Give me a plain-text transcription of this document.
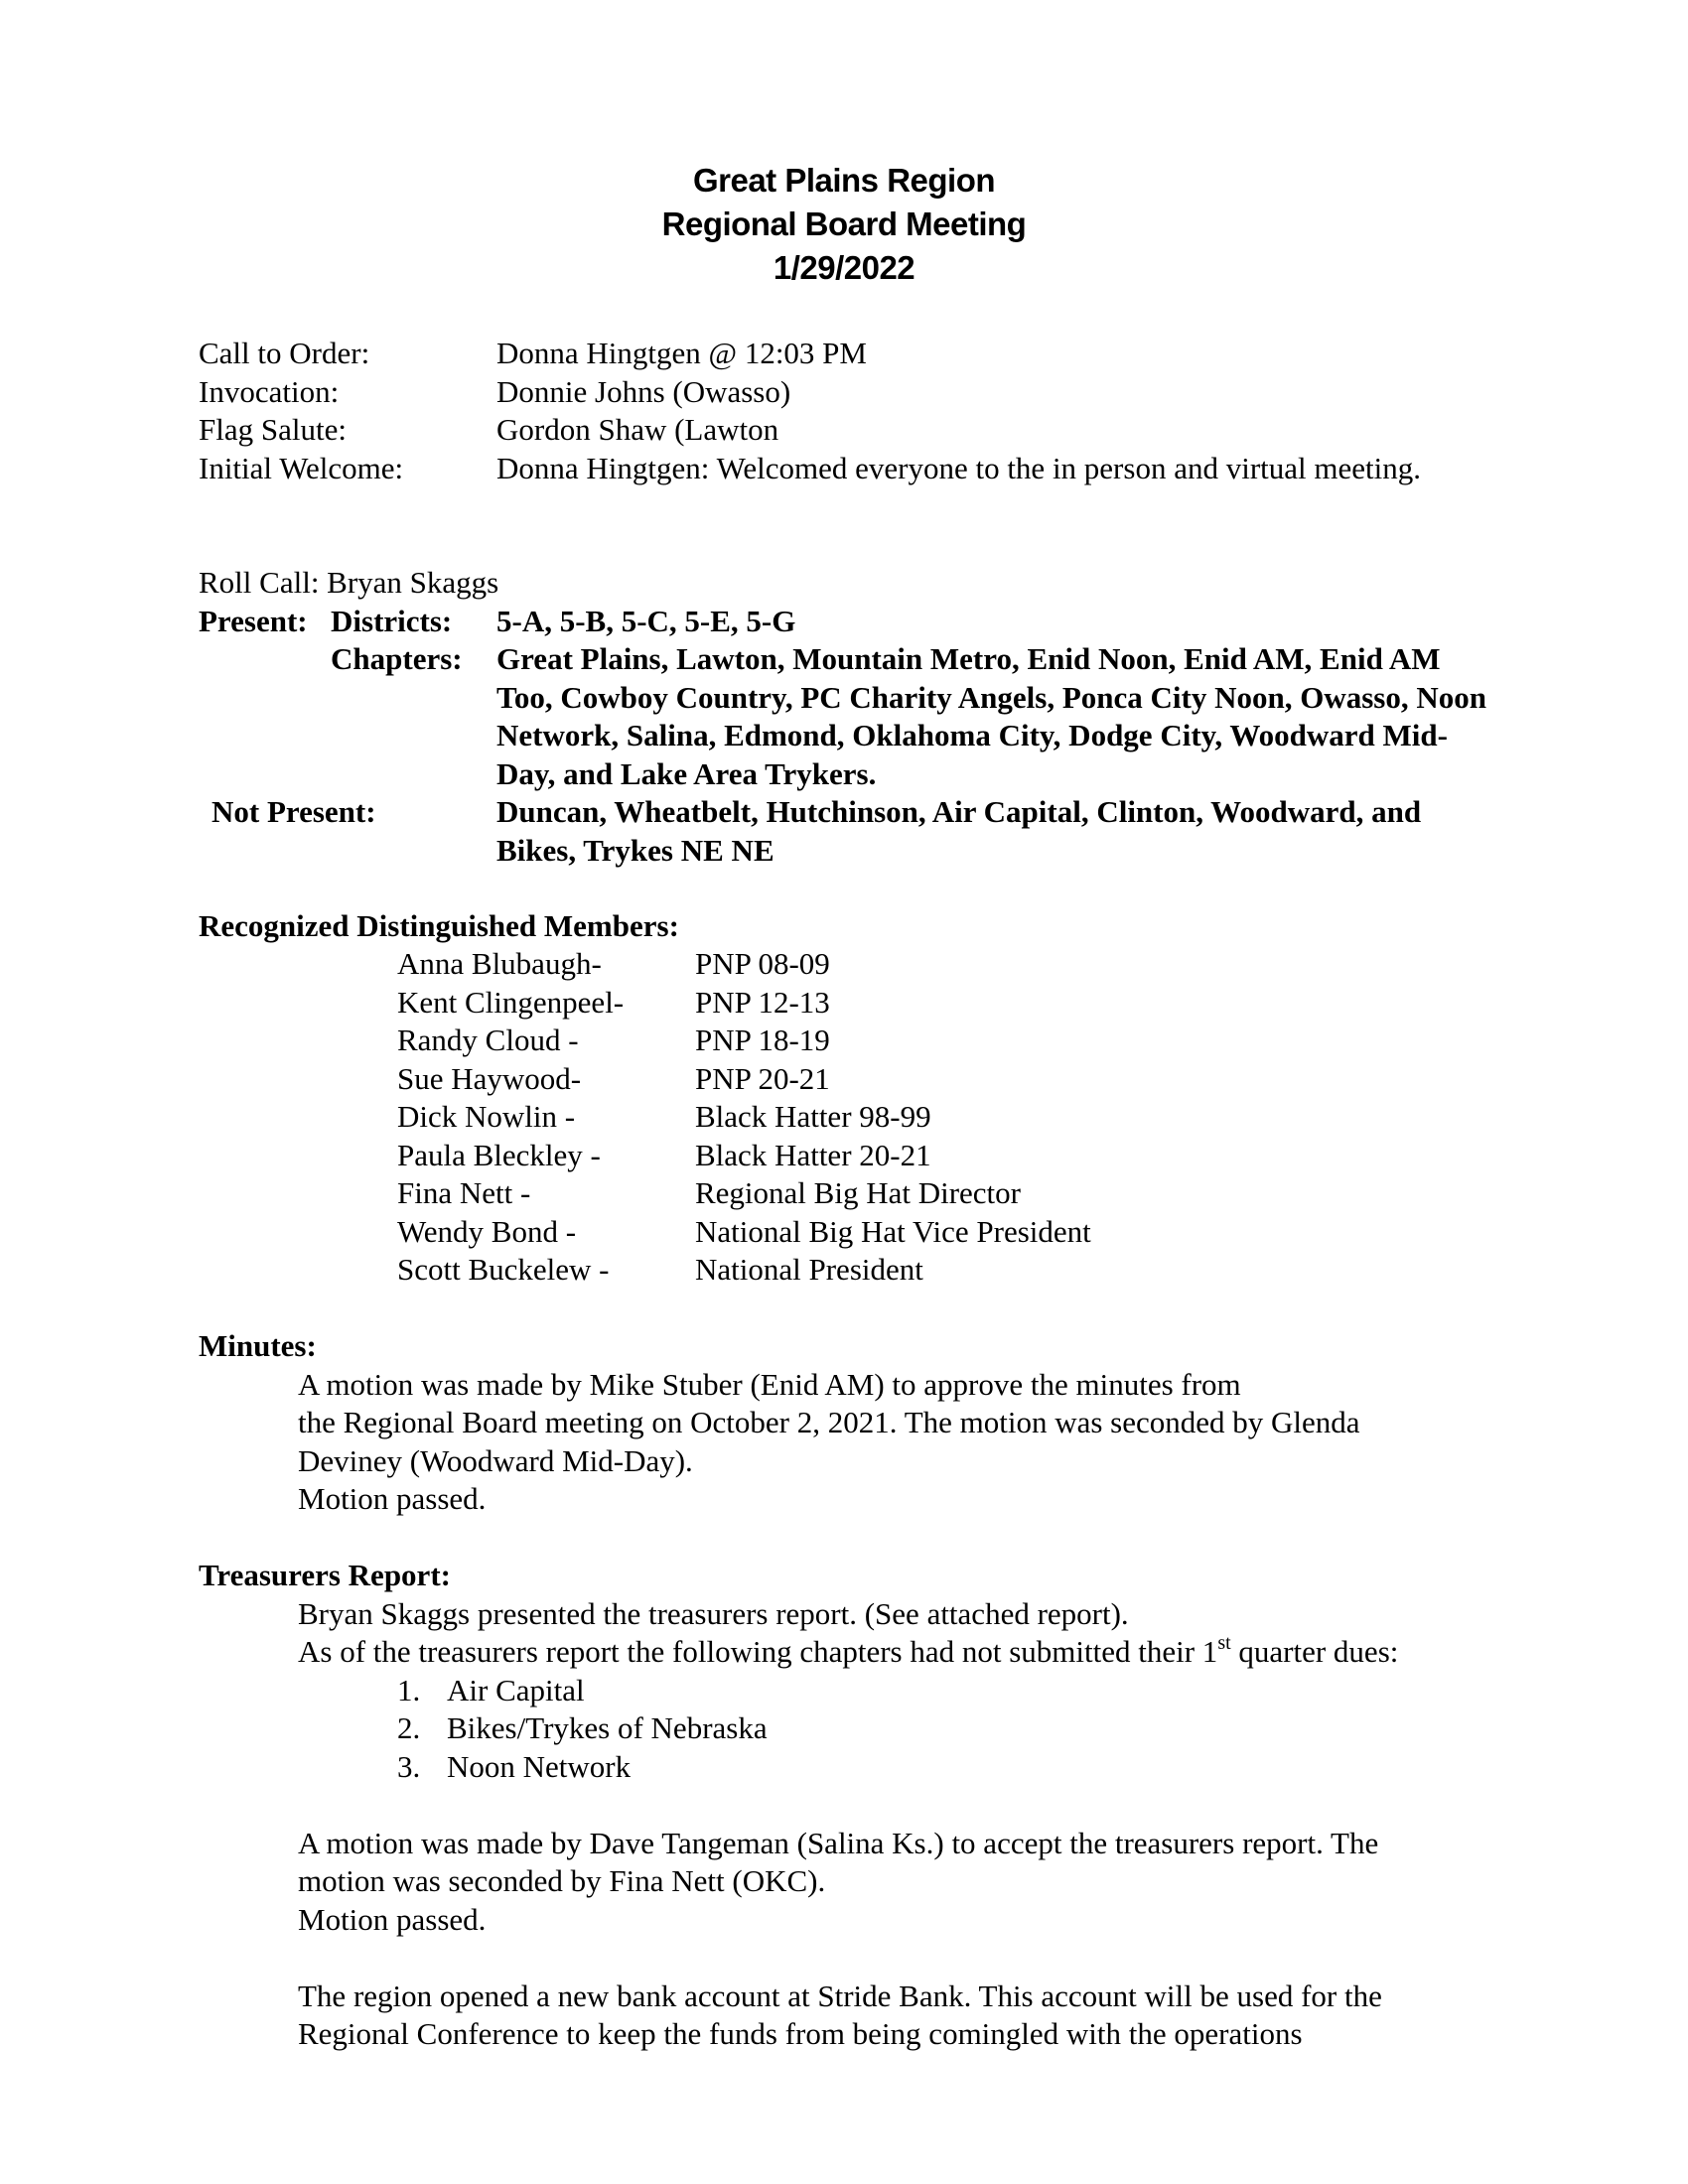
Great Plains Region
Regional Board Meeting
1/29/2022
Call to Order:	Donna Hingtgen @ 12:03 PM
Invocation:	Donnie Johns (Owasso)
Flag Salute:	Gordon Shaw (Lawton
Initial Welcome:	Donna Hingtgen: Welcomed everyone to the in person and virtual meeting.
Roll Call: Bryan Skaggs
Present: Districts: 5-A, 5-B, 5-C, 5-E, 5-G
Chapters: Great Plains, Lawton, Mountain Metro, Enid Noon, Enid AM, Enid AM Too, Cowboy Country, PC Charity Angels, Ponca City Noon, Owasso, Noon Network, Salina, Edmond, Oklahoma City, Dodge City, Woodward Mid-Day, and Lake Area Trykers.
Not Present:	Duncan, Wheatbelt, Hutchinson, Air Capital, Clinton, Woodward, and Bikes, Trykes NE NE
Recognized Distinguished Members:
Anna Blubaugh-	PNP 08-09
Kent Clingenpeel- PNP 12-13
Randy Cloud -	PNP 18-19
Sue Haywood-	PNP 20-21
Dick Nowlin -	Black Hatter 98-99
Paula Bleckley -	Black Hatter 20-21
Fina Nett -	Regional Big Hat Director
Wendy Bond -	National Big Hat Vice President
Scott Buckelew -	National President
Minutes:
A motion was made by Mike Stuber (Enid AM) to approve the minutes from
the Regional Board meeting on October 2, 2021. The motion was seconded by Glenda
Deviney (Woodward Mid-Day).
Motion passed.
Treasurers Report:
Bryan Skaggs presented the treasurers report. (See attached report).
As of the treasurers report the following chapters had not submitted their 1st quarter dues:
1. Air Capital
2. Bikes/Trykes of Nebraska
3. Noon Network
A motion was made by Dave Tangeman (Salina Ks.) to accept the treasurers report. The
motion was seconded by Fina Nett (OKC).
Motion passed.
The region opened a new bank account at Stride Bank. This account will be used for the
Regional Conference to keep the funds from being comingled with the operations
